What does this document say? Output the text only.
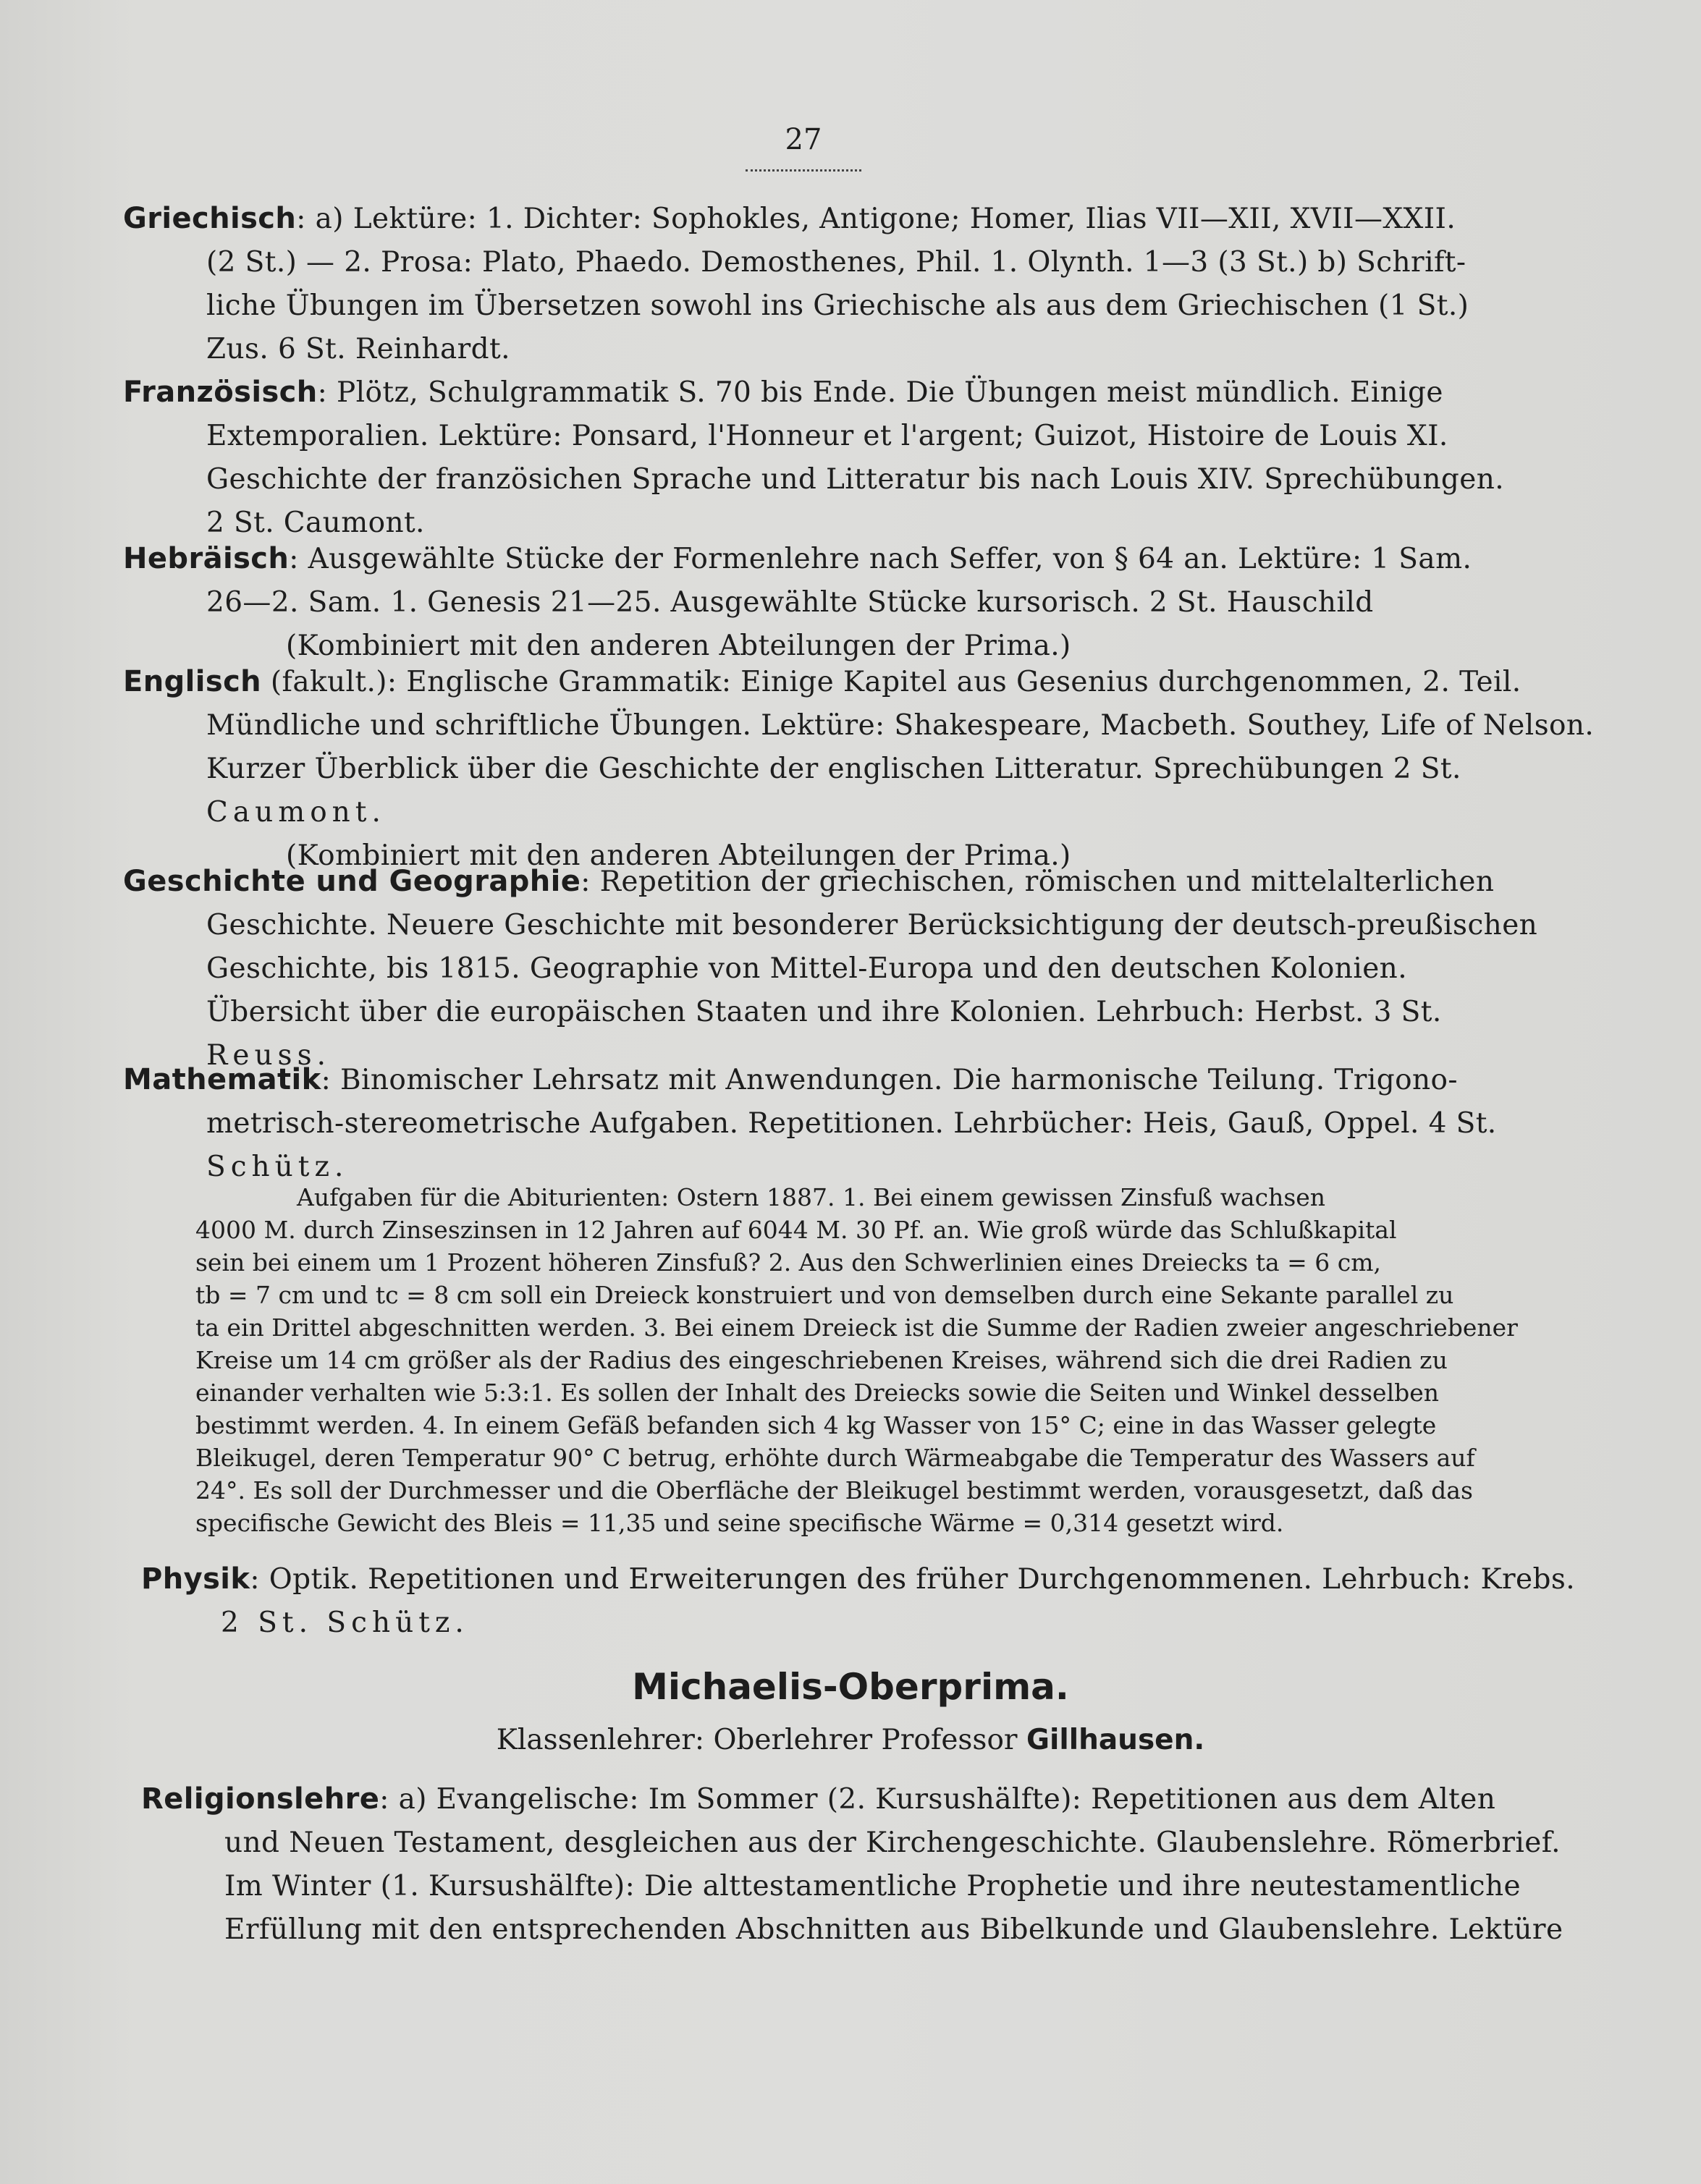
27
Griechisch: a) Lektüre: 1. Dichter: Sophokles, Antigone; Homer, Ilias VII—XII, XVII—XXII.
(2 St.) — 2. Prosa: Plato, Phaedo. Demosthenes, Phil. 1. Olynth. 1—3 (3 St.) b) Schrift-
liche Übungen im Übersetzen sowohl ins Griechische als aus dem Griechischen (1 St.)
Zus. 6 St. Reinhardt.
Französisch: Plötz, Schulgrammatik S. 70 bis Ende. Die Übungen meist mündlich. Einige
Extemporalien. Lektüre: Ponsard, l'Honneur et l'argent; Guizot, Histoire de Louis XI.
Geschichte der französichen Sprache und Litteratur bis nach Louis XIV. Sprechübungen.
2 St. Caumont.
Hebräisch: Ausgewählte Stücke der Formenlehre nach Seffer, von § 64 an. Lektüre: 1 Sam.
26—2. Sam. 1. Genesis 21—25. Ausgewählte Stücke kursorisch. 2 St. Hauschild
(Kombiniert mit den anderen Abteilungen der Prima.)
Englisch (fakult.): Englische Grammatik: Einige Kapitel aus Gesenius durchgenommen, 2. Teil.
Mündliche und schriftliche Übungen. Lektüre: Shakespeare, Macbeth. Southey, Life of Nelson.
Kurzer Überblick über die Geschichte der englischen Litteratur. Sprechübungen 2 St.
Caumont.
(Kombiniert mit den anderen Abteilungen der Prima.)
Geschichte und Geographie: Repetition der griechischen, römischen und mittelalterlichen
Geschichte. Neuere Geschichte mit besonderer Berücksichtigung der deutsch-preußischen
Geschichte, bis 1815. Geographie von Mittel-Europa und den deutschen Kolonien.
Übersicht über die europäischen Staaten und ihre Kolonien. Lehrbuch: Herbst. 3 St.
Reuss.
Mathematik: Binomischer Lehrsatz mit Anwendungen. Die harmonische Teilung. Trigono-
metrisch-stereometrische Aufgaben. Repetitionen. Lehrbücher: Heis, Gauß, Oppel. 4 St.
Schütz.
Aufgaben für die Abiturienten: Ostern 1887. 1. Bei einem gewissen Zinsfuß wachsen
4000 M. durch Zinseszinsen in 12 Jahren auf 6044 M. 30 Pf. an. Wie groß würde das Schlußkapital
sein bei einem um 1 Prozent höheren Zinsfuß? 2. Aus den Schwerlinien eines Dreiecks ta = 6 cm,
tb = 7 cm und tc = 8 cm soll ein Dreieck konstruiert und von demselben durch eine Sekante parallel zu
ta ein Drittel abgeschnitten werden. 3. Bei einem Dreieck ist die Summe der Radien zweier angeschriebener
Kreise um 14 cm größer als der Radius des eingeschriebenen Kreises, während sich die drei Radien zu
einander verhalten wie 5:3:1. Es sollen der Inhalt des Dreiecks sowie die Seiten und Winkel desselben
bestimmt werden. 4. In einem Gefäß befanden sich 4 kg Wasser von 15° C; eine in das Wasser gelegte
Bleikugel, deren Temperatur 90° C betrug, erhöhte durch Wärmeabgabe die Temperatur des Wassers auf
24°. Es soll der Durchmesser und die Oberfläche der Bleikugel bestimmt werden, vorausgesetzt, daß das
specifische Gewicht des Bleis = 11,35 und seine specifische Wärme = 0,314 gesetzt wird.
Physik: Optik. Repetitionen und Erweiterungen des früher Durchgenommenen. Lehrbuch: Krebs.
2 St. Schütz.
Michaelis-Oberprima.
Klassenlehrer: Oberlehrer Professor Gillhausen.
Religionslehre: a) Evangelische: Im Sommer (2. Kursushälfte): Repetitionen aus dem Alten
und Neuen Testament, desgleichen aus der Kirchengeschichte. Glaubenslehre. Römerbrief.
Im Winter (1. Kursushälfte): Die alttestamentliche Prophetie und ihre neutestamentliche
Erfüllung mit den entsprechenden Abschnitten aus Bibelkunde und Glaubenslehre. Lektüre
